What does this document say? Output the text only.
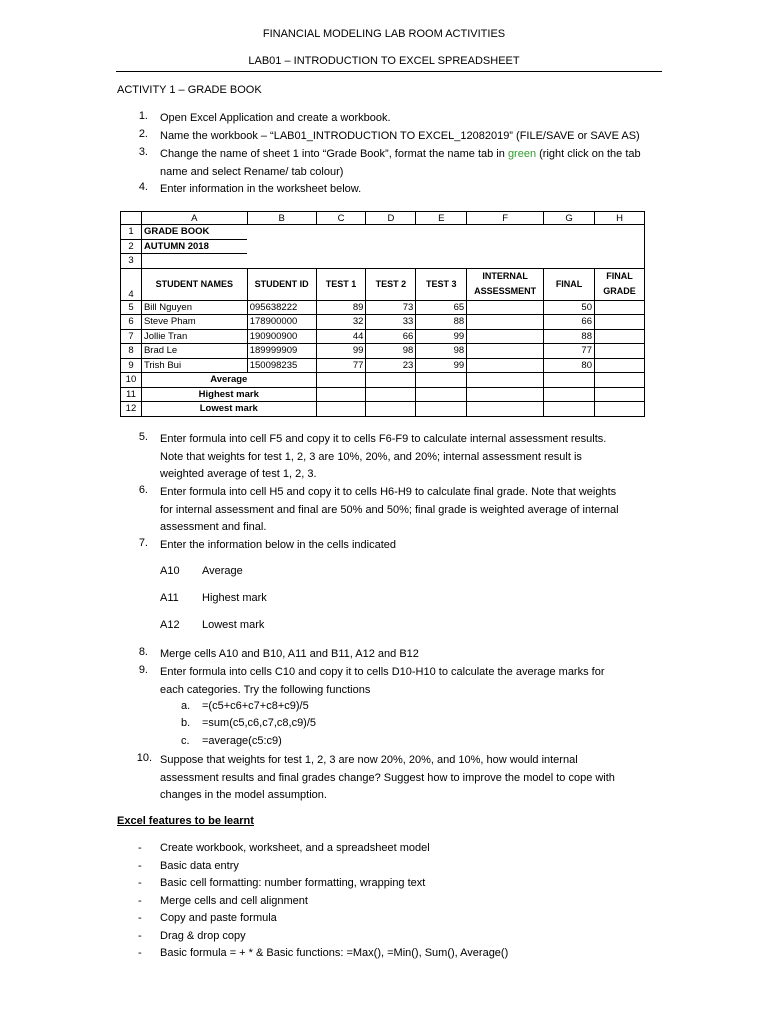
FINANCIAL MODELING LAB ROOM ACTIVITIES
LAB01 – INTRODUCTION TO EXCEL SPREADSHEET
ACTIVITY 1 – GRADE BOOK
1. Open Excel Application and create a workbook.
2. Name the workbook – “LAB01_INTRODUCTION TO EXCEL_12082019” (FILE/SAVE or SAVE AS)
3. Change the name of sheet 1 into “Grade Book”, format the name tab in green (right click on the tab name and select Rename/ tab colour)
4. Enter information in the worksheet below.
	A	B	C	D	E	F	G	H
1	GRADE BOOK							
2	AUTUMN 2018							
3								
4	STUDENT NAMES	STUDENT ID	TEST 1	TEST 2	TEST 3	INTERNAL ASSESSMENT	FINAL	FINAL GRADE
5	Bill Nguyen	095638222	89	73	65		50	
6	Steve Pham	178900000	32	33	88		66	
7	Jollie Tran	190900900	44	66	99		88	
8	Brad Le	189999909	99	98	98		77	
9	Trish Bui	150098235	77	23	99		80	
10	Average							
11	Highest mark							
12	Lowest mark							
5. Enter formula into cell F5 and copy it to cells F6-F9 to calculate internal assessment results.
Note that weights for test 1, 2, 3 are 10%, 20%, and 20%; internal assessment result is
weighted average of test 1, 2, 3.
6. Enter formula into cell H5 and copy it to cells H6-H9 to calculate final grade. Note that weights
for internal assessment and final are 50% and 50%; final grade is weighted average of internal
assessment and final.
7. Enter the information below in the cells indicated
A10 Average
A11 Highest mark
A12 Lowest mark
8. Merge cells A10 and B10, A11 and B11, A12 and B12
9. Enter formula into cells C10 and copy it to cells D10-H10 to calculate the average marks for
each categories. Try the following functions
a. =(c5+c6+c7+c8+c9)/5
b. =sum(c5,c6,c7,c8,c9)/5
c.	=average(c5:c9)
10. Suppose that weights for test 1, 2, 3 are now 20%, 20%, and 10%, how would internal
assessment results and final grades change? Suggest how to improve the model to cope with
changes in the model assumption.
Excel features to be learnt
- Create workbook, worksheet, and a spreadsheet model
- Basic data entry
- Basic cell formatting: number formatting, wrapping text
- Merge cells and cell alignment
- Copy and paste formula
- Drag & drop copy
- Basic formula = + * & Basic functions: =Max(), =Min(), Sum(), Average()
